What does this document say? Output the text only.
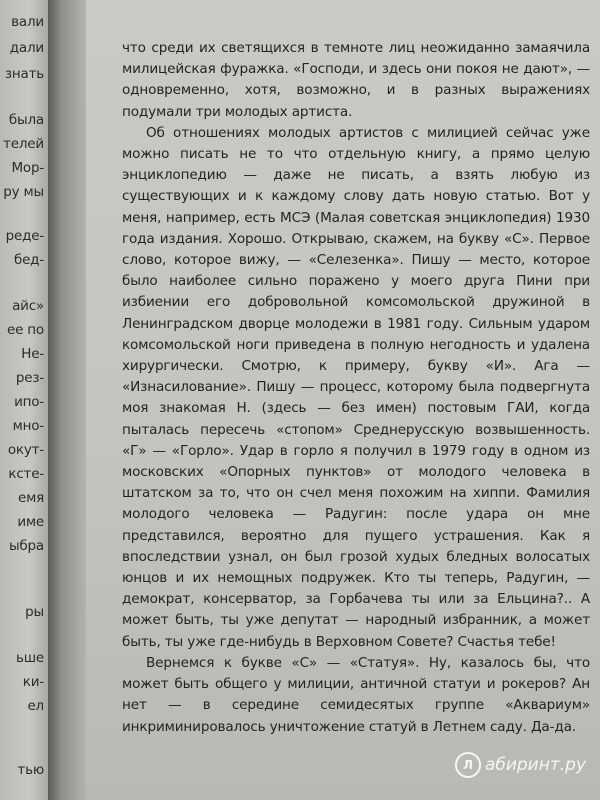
вали
дали
знать
была
телей
Мор-
ру мы
реде-
бед-
айс»
ее по
Не-
рез-
ипо-
мно-
окут-
ксте-
емя
име
ыбра
ры
ьше
ки-
ел
тью

что среди их светящихся в темноте лиц неожиданно замаячила милицейская фуражка. «Господи, и здесь они покоя не дают», — одновременно, хотя, возможно, и в разных выражениях подумали три молодых артиста.

Об отношениях молодых артистов с милицией сейчас уже можно писать не то что отдельную книгу, а прямо целую энциклопедию — даже не писать, а взять любую из существующих и к каждому слову дать новую статью. Вот у меня, например, есть МСЭ (Малая советская энциклопедия) 1930 года издания. Хорошо. Открываю, скажем, на букву «С». Первое слово, которое вижу, — «Селезенка». Пишу — место, которое было наиболее сильно поражено у моего друга Пини при избиении его добровольной комсомольской дружиной в Ленинградском дворце молодежи в 1981 году. Сильным ударом комсомольской ноги приведена в полную негодность и удалена хирургически. Смотрю, к примеру, букву «И». Ага — «Изнасилование». Пишу — процесс, которому была подвергнута моя знакомая Н. (здесь — без имен) постовым ГАИ, когда пыталась пересечь «стопом» Среднерусскую возвышенность. «Г» — «Горло». Удар в горло я получил в 1979 году в одном из московских «Опорных пунктов» от молодого человека в штатском за то, что он счел меня похожим на хиппи. Фамилия молодого человека — Радугин: после удара он мне представился, вероятно для пущего устрашения. Как я впоследствии узнал, он был грозой худых бледных волосатых юнцов и их немощных подружек. Кто ты теперь, Радугин, — демократ, консерватор, за Горбачева ты или за Ельцина?.. А может быть, ты уже депутат — народный избранник, а может быть, ты уже где-нибудь в Верховном Совете? Счастья тебе!

Вернемся к букве «С» — «Статуя». Ну, казалось бы, что может быть общего у милиции, античной статуи и рокеров? Ан нет — в середине семидесятых группе «Аквариум» инкриминировалось уничтожение статуй в Летнем саду. Да-да.

Л абиринт.ру
